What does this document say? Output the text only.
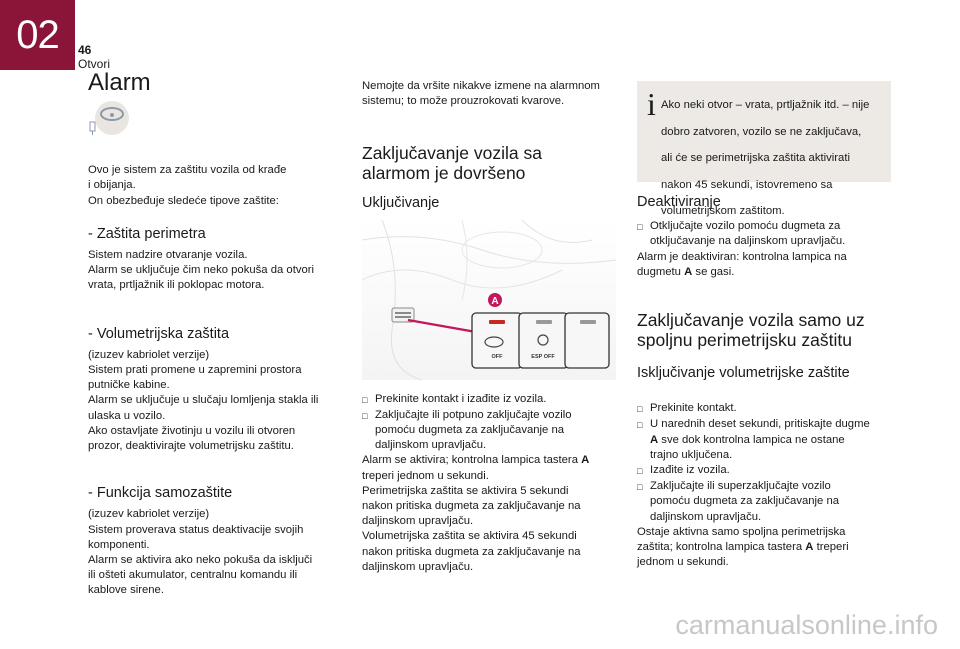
02 46
Otvori
Alarm

Ovo je sistem za zaštitu vozila od krađe

i obijanja.

On obezbeđuje sledeće tipove zaštite:

- Zaštita perimetra

Sistem nadzire otvaranje vozila.

Alarm se uključuje čim neko pokuša da otvori

vrata, prtljažnik ili poklopac motora.

- Volumetrijska zaštita

(izuzev kabriolet verzije)

Sistem prati promene u zapremini prostora

putničke kabine.

Alarm se uključuje u slučaju lomljenja stakla ili

ulaska u vozilo.

Ako ostavljate životinju u vozilu ili otvoren

prozor, deaktivirajte volumetrijsku zaštitu.

- Funkcija samozaštite

(izuzev kabriolet verzije)

Sistem proverava status deaktivacije svojih

komponenti.

Alarm se aktivira ako neko pokuša da isključi

ili ošteti akumulator, centralnu komandu ili

kablove sirene.

Nemojte da vršite nikakve izmene na alarmnom

sistemu; to može prouzrokovati kvarove.

Zaključavanje vozila sa
alarmom je dovršeno
Uključivanje
A
OFF	ESP OFF
□ Prekinite kontakt i izađite iz vozila.
□ Zaključajte ili potpuno zaključajte vozilo

pomoću dugmeta za zaključavanje na

daljinskom upravljaču.

Alarm se aktivira; kontrolna lampica tastera A

treperi jednom u sekundi.

Perimetrijska zaštita se aktivira 5 sekundi

nakon pritiska dugmeta za zaključavanje na

daljinskom upravljaču.

Volumetrijska zaštita se aktivira 45 sekundi

nakon pritiska dugmeta za zaključavanje na

daljinskom upravljaču.

i Ako neki otvor – vrata, prtljažnik itd. – nije

dobro zatvoren, vozilo se ne zaključava,

ali će se perimetrijska zaštita aktivirati

nakon 45 sekundi, istovremeno sa

volumetrijskom zaštitom.

Deaktiviranje
□ Otključajte vozilo pomoću dugmeta za

otključavanje na daljinskom upravljaču.

Alarm je deaktiviran: kontrolna lampica na

dugmetu A se gasi.

Zaključavanje vozila samo uz
spoljnu perimetrijsku zaštitu
Isključivanje volumetrijske zaštite
□ Prekinite kontakt.
□ U narednih deset sekundi, pritiskajte dugme

A sve dok kontrolna lampica ne ostane

trajno uključena.

□ Izađite iz vozila.
□ Zaključajte ili superzaključajte vozilo

pomoću dugmeta za zaključavanje na

daljinskom upravljaču.

Ostaje aktivna samo spoljna perimetrijska

zaštita; kontrolna lampica tastera A treperi

jednom u sekundi.

carmanualsonline.info
